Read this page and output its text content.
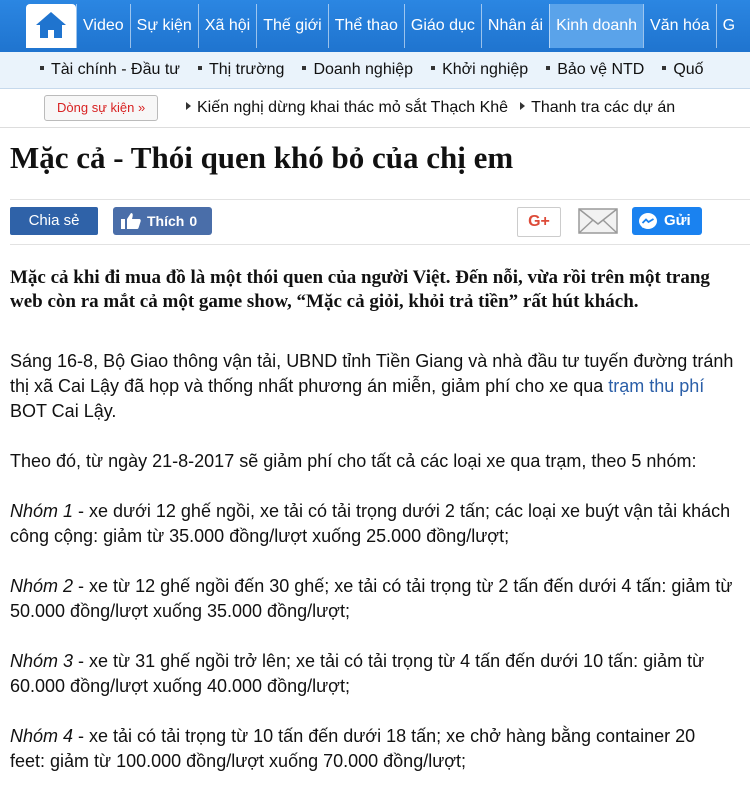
Video Sự kiện Xã hội Thế giới Thể thao Giáo dục Nhân ái Kinh doanh Văn hóa G
Tài chính - Đầu tư	Thị trường	Doanh nghiệp	Khởi nghiệp	Bảo vệ NTD	Quố
Dòng sự kiện »	Kiến nghị dừng khai thác mỏ sắt Thạch Khê	Thanh tra các dự án
Mặc cả - Thói quen khó bỏ của chị em
Chia sẻ	Thích 0	G+	Gửi

Mặc cả khi đi mua đồ là một thói quen của người Việt. Đến nỗi, vừa rồi trên một trang web còn ra mắt cả một game show, “Mặc cả giỏi, khỏi trả tiền” rất hút khách.

Sáng 16-8, Bộ Giao thông vận tải, UBND tỉnh Tiền Giang và nhà đầu tư tuyến đường tránh thị xã Cai Lậy đã họp và thống nhất phương án miễn, giảm phí cho xe qua trạm thu phí BOT Cai Lậy.

Theo đó, từ ngày 21-8-2017 sẽ giảm phí cho tất cả các loại xe qua trạm, theo 5 nhóm:

Nhóm 1 - xe dưới 12 ghế ngồi, xe tải có tải trọng dưới 2 tấn; các loại xe buýt vận tải khách công cộng: giảm từ 35.000 đồng/lượt xuống 25.000 đồng/lượt;

Nhóm 2 - xe từ 12 ghế ngồi đến 30 ghế; xe tải có tải trọng từ 2 tấn đến dưới 4 tấn: giảm từ 50.000 đồng/lượt xuống 35.000 đồng/lượt;

Nhóm 3 - xe từ 31 ghế ngồi trở lên; xe tải có tải trọng từ 4 tấn đến dưới 10 tấn: giảm từ 60.000 đồng/lượt xuống 40.000 đồng/lượt;

Nhóm 4 - xe tải có tải trọng từ 10 tấn đến dưới 18 tấn; xe chở hàng bằng container 20 feet: giảm từ 100.000 đồng/lượt xuống 70.000 đồng/lượt;
